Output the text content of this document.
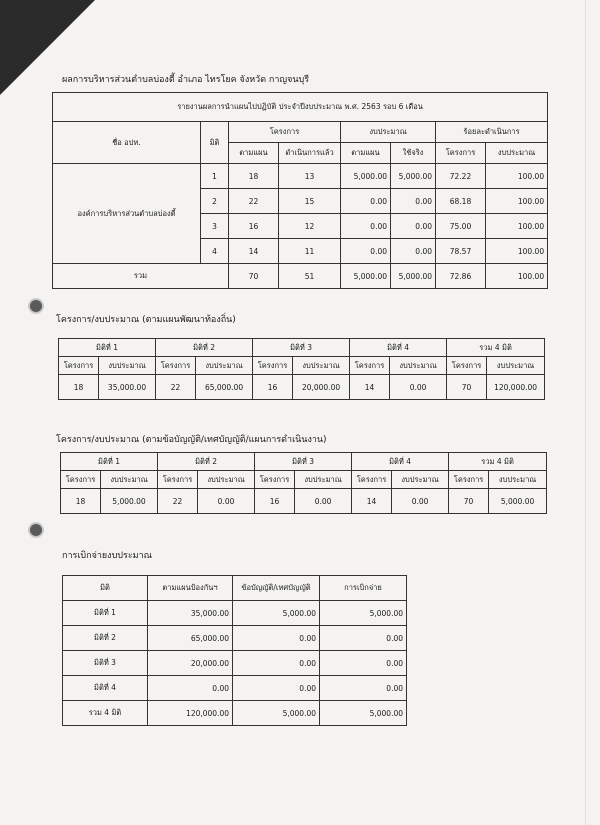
ผลการบริหารส่วนตำบลบ่องตี้ อำเภอ ไทรโยค จังหวัด กาญจนบุรี
รายงานผลการนำแผนไปปฏิบัติ ประจำปีงบประมาณ พ.ศ. 2563 รอบ 6 เดือน							
ชื่อ อปท.	มิติ	โครงการ		งบประมาณ		ร้อยละดำเนินการ	
		ตามแผน	ดำเนินการแล้ว	ตามแผน	ใช้จริง	โครงการ	งบประมาณ
องค์การบริหารส่วนตำบลบ่องตี้	1	18	13	5,000.00	5,000.00	72.22	100.00
	2	22	15	0.00	0.00	68.18	100.00
	3	16	12	0.00	0.00	75.00	100.00
	4	14	11	0.00	0.00	78.57	100.00
รวม		70	51	5,000.00	5,000.00	72.86	100.00
โครงการ/งบประมาณ (ตามแผนพัฒนาท้องถิ่น)
มิติที่ 1		มิติที่ 2		มิติที่ 3		มิติที่ 4		รวม 4 มิติ	
โครงการ	งบประมาณ	โครงการ	งบประมาณ	โครงการ	งบประมาณ	โครงการ	งบประมาณ	โครงการ	งบประมาณ
18	35,000.00	22	65,000.00	16	20,000.00	14	0.00	70	120,000.00
โครงการ/งบประมาณ (ตามข้อบัญญัติ/เทศบัญญัติ/แผนการดำเนินงาน)
มิติที่ 1		มิติที่ 2		มิติที่ 3		มิติที่ 4		รวม 4 มิติ	
โครงการ	งบประมาณ	โครงการ	งบประมาณ	โครงการ	งบประมาณ	โครงการ	งบประมาณ	โครงการ	งบประมาณ
18	5,000.00	22	0.00	16	0.00	14	0.00	70	5,000.00
การเบิกจ่ายงบประมาณ
มิติ	ตามแผนป้องกันฯ	ข้อบัญญัติ/เทศบัญญัติ	การเบิกจ่าย
มิติที่ 1	35,000.00	5,000.00	5,000.00
มิติที่ 2	65,000.00	0.00	0.00
มิติที่ 3	20,000.00	0.00	0.00
มิติที่ 4	0.00	0.00	0.00
รวม 4 มิติ	120,000.00	5,000.00	5,000.00
